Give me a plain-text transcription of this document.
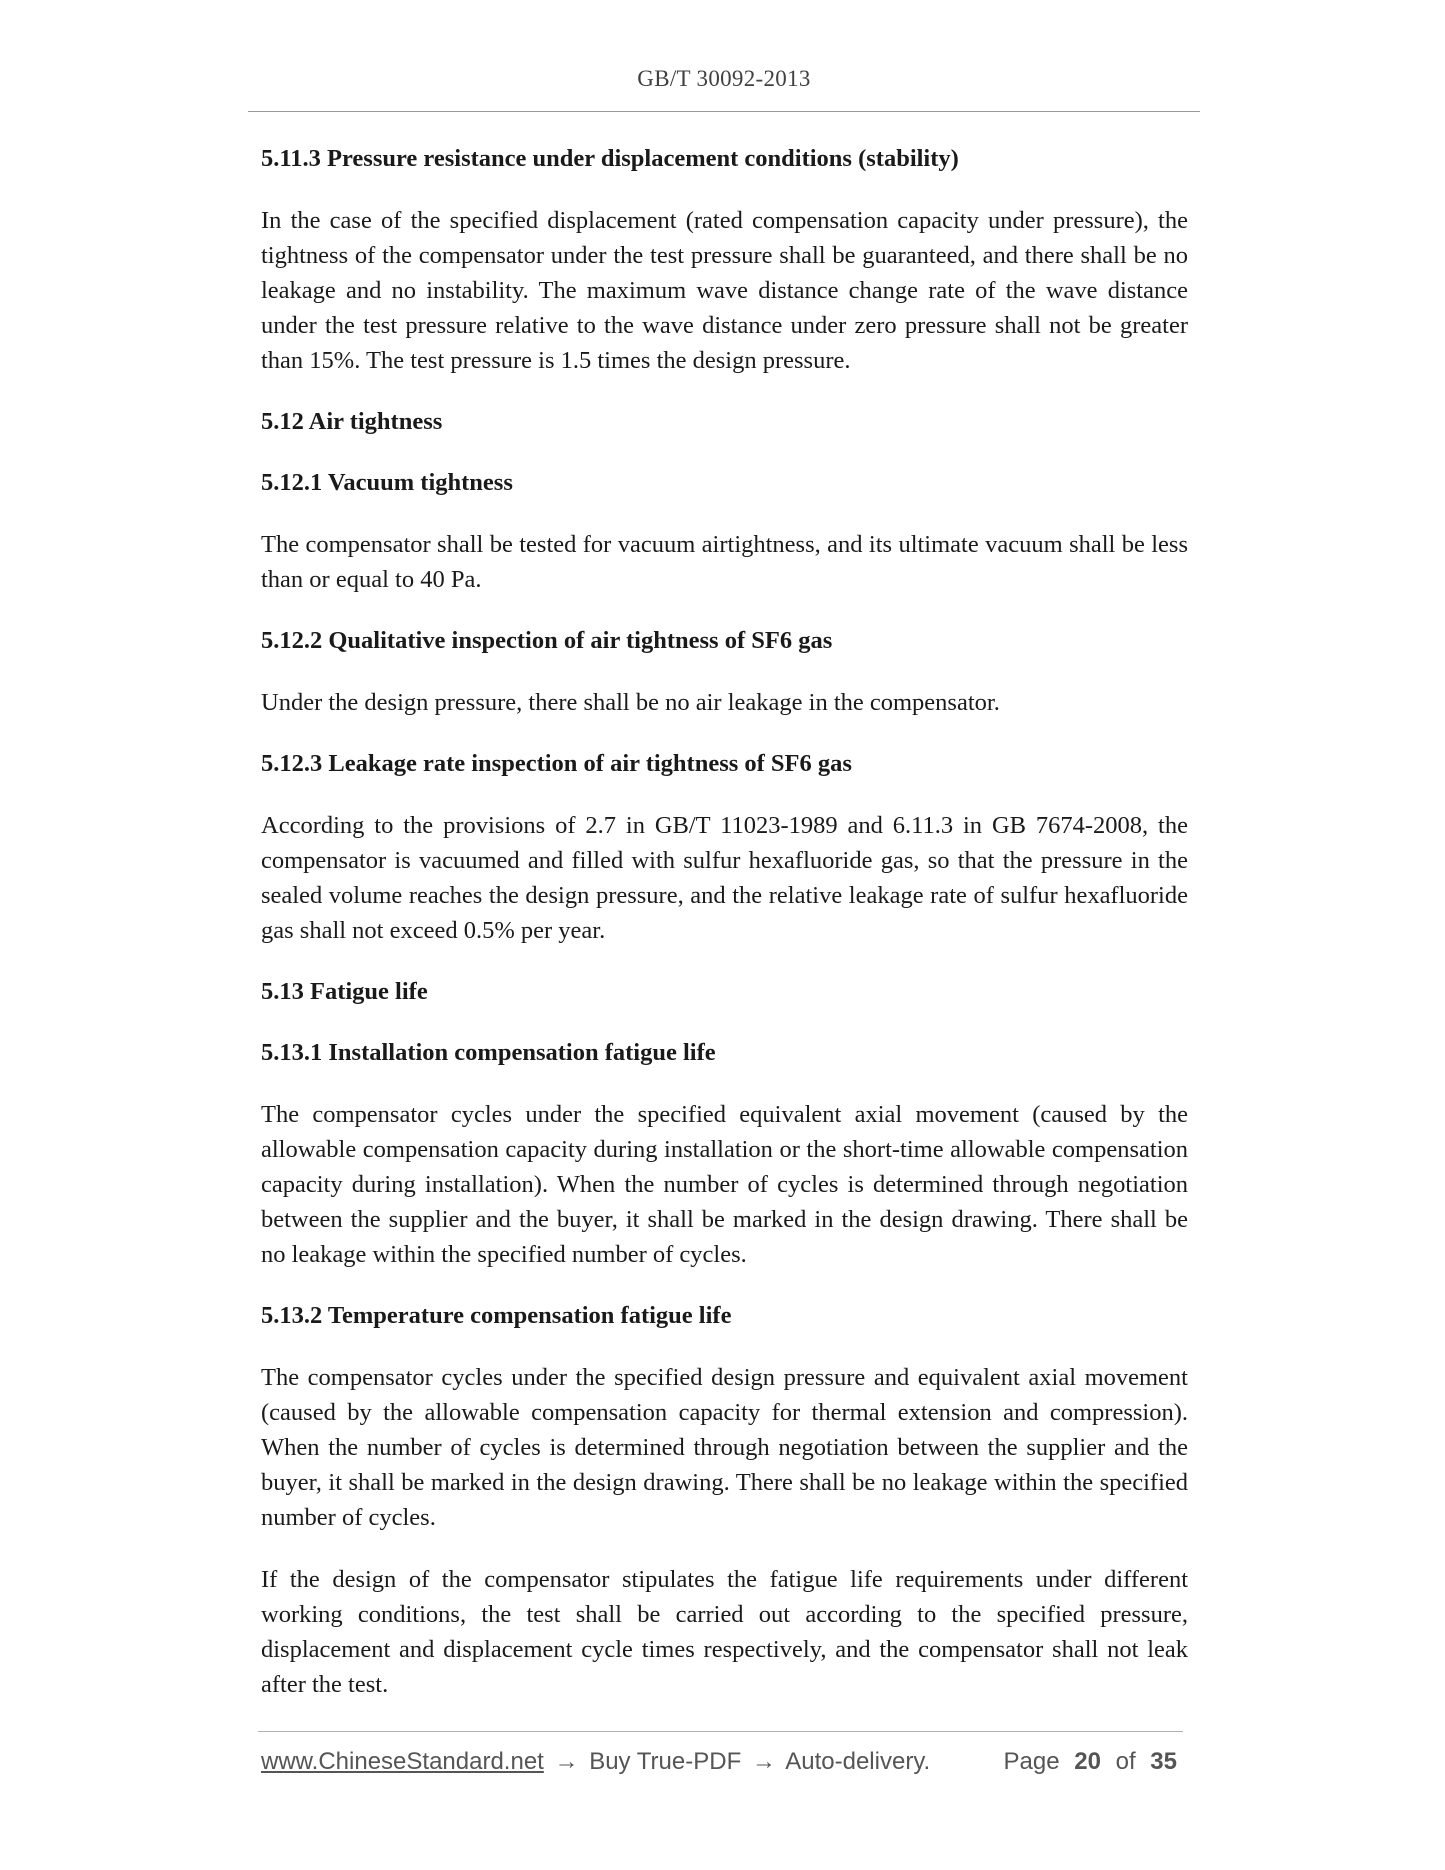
GB/T 30092-2013
5.11.3 Pressure resistance under displacement conditions (stability)
In the case of the specified displacement (rated compensation capacity under pressure), the tightness of the compensator under the test pressure shall be guaranteed, and there shall be no leakage and no instability. The maximum wave distance change rate of the wave distance under the test pressure relative to the wave distance under zero pressure shall not be greater than 15%. The test pressure is 1.5 times the design pressure.
5.12 Air tightness
5.12.1 Vacuum tightness
The compensator shall be tested for vacuum airtightness, and its ultimate vacuum shall be less than or equal to 40 Pa.
5.12.2 Qualitative inspection of air tightness of SF6 gas
Under the design pressure, there shall be no air leakage in the compensator.
5.12.3 Leakage rate inspection of air tightness of SF6 gas
According to the provisions of 2.7 in GB/T 11023-1989 and 6.11.3 in GB 7674-2008, the compensator is vacuumed and filled with sulfur hexafluoride gas, so that the pressure in the sealed volume reaches the design pressure, and the relative leakage rate of sulfur hexafluoride gas shall not exceed 0.5% per year.
5.13 Fatigue life
5.13.1 Installation compensation fatigue life
The compensator cycles under the specified equivalent axial movement (caused by the allowable compensation capacity during installation or the short-time allowable compensation capacity during installation). When the number of cycles is determined through negotiation between the supplier and the buyer, it shall be marked in the design drawing. There shall be no leakage within the specified number of cycles.
5.13.2 Temperature compensation fatigue life
The compensator cycles under the specified design pressure and equivalent axial movement (caused by the allowable compensation capacity for thermal extension and compression). When the number of cycles is determined through negotiation between the supplier and the buyer, it shall be marked in the design drawing. There shall be no leakage within the specified number of cycles.
If the design of the compensator stipulates the fatigue life requirements under different working conditions, the test shall be carried out according to the specified pressure, displacement and displacement cycle times respectively, and the compensator shall not leak after the test.
www.ChineseStandard.net → Buy True-PDF → Auto-delivery.	Page 20 of 35
